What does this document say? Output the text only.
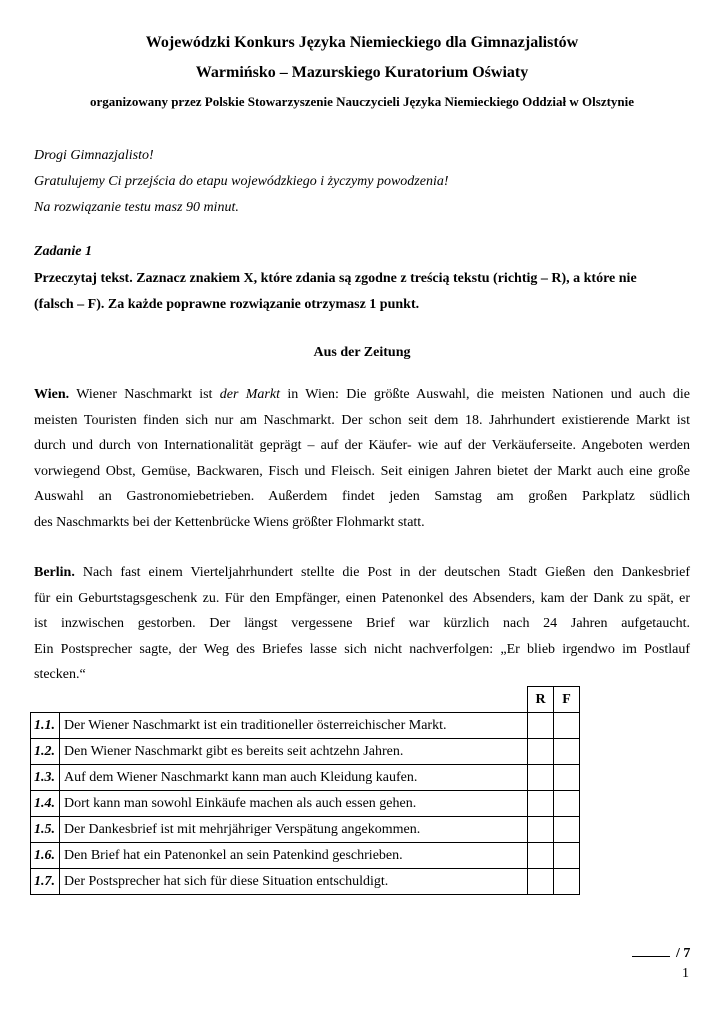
Wojewódzki Konkurs Języka Niemieckiego dla Gimnazjalistów
Warmińsko – Mazurskiego Kuratorium Oświaty
organizowany przez Polskie Stowarzyszenie Nauczycieli Języka Niemieckiego Oddział w Olsztynie
Drogi Gimnazjalisto!
Gratulujemy Ci przejścia do etapu wojewódzkiego i życzymy powodzenia!
Na rozwiązanie testu masz 90 minut.
Zadanie 1
Przeczytaj tekst. Zaznacz znakiem X, które zdania są zgodne z treścią tekstu (richtig – R), a które nie
(falsch – F). Za każde poprawne rozwiązanie otrzymasz 1 punkt.
Aus der Zeitung
Wien. Wiener Naschmarkt ist der Markt in Wien: Die größte Auswahl, die meisten Nationen und auch die
meisten Touristen finden sich nur am Naschmarkt. Der schon seit dem 18. Jahrhundert existierende Markt ist
durch und durch von Internationalität geprägt – auf der Käufer- wie auf der Verkäuferseite. Angeboten werden
vorwiegend Obst, Gemüse, Backwaren, Fisch und Fleisch. Seit einigen Jahren bietet der Markt auch eine große
Auswahl an Gastronomiebetrieben. Außerdem findet jeden Samstag am großen Parkplatz südlich
des Naschmarkts bei der Kettenbrücke Wiens größter Flohmarkt statt.
Berlin. Nach fast einem Vierteljahrhundert stellte die Post in der deutschen Stadt Gießen den Dankesbrief
für ein Geburtstagsgeschenk zu. Für den Empfänger, einen Patenonkel des Absenders, kam der Dank zu spät, er
ist inzwischen gestorben. Der längst vergessene Brief war kürzlich nach 24 Jahren aufgetaucht.
Ein Postsprecher sagte, der Weg des Briefes lasse sich nicht nachverfolgen: „Er blieb irgendwo im Postlauf
stecken.“
		R	F
1.1.	Der Wiener Naschmarkt ist ein traditioneller österreichischer Markt.		
1.2.	Den Wiener Naschmarkt gibt es bereits seit achtzehn Jahren.		
1.3.	Auf dem Wiener Naschmarkt kann man auch Kleidung kaufen.		
1.4.	Dort kann man sowohl Einkäufe machen als auch essen gehen.		
1.5.	Der Dankesbrief ist mit mehrjähriger Verspätung angekommen.		
1.6.	Den Brief hat ein Patenonkel an sein Patenkind geschrieben.		
1.7.	Der Postsprecher hat sich für diese Situation entschuldigt.		
/ 7
1
